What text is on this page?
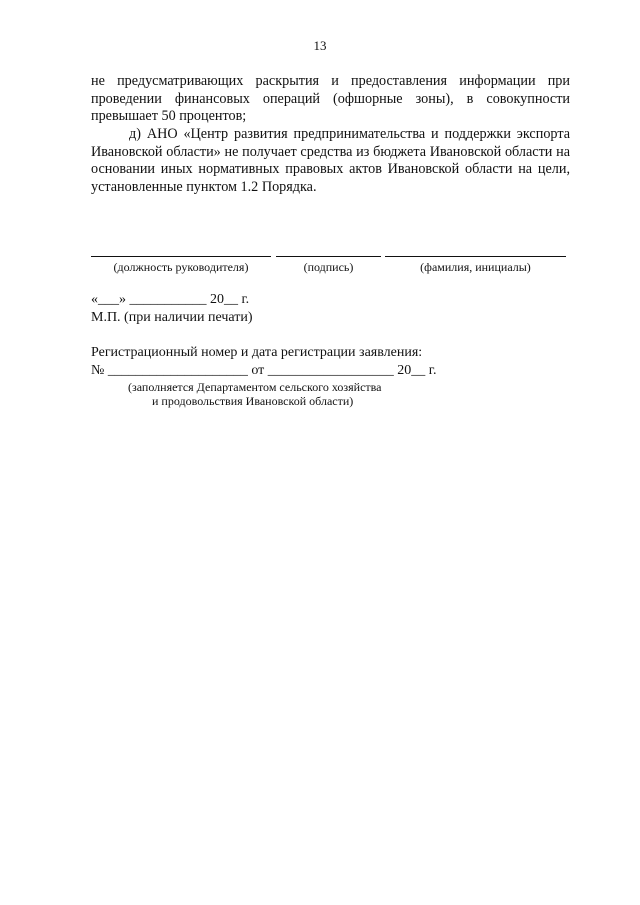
13
не предусматривающих раскрытия и предоставления информации при проведении финансовых операций (офшорные зоны), в совокупности превышает 50 процентов;
д) АНО «Центр развития предпринимательства и поддержки экспорта Ивановской области» не получает средства из бюджета Ивановской области на основании иных нормативных правовых актов Ивановской области на цели, установленные пунктом 1.2 Порядка.
(должность руководителя)	(подпись)	(фамилия, инициалы)
«___» ___________ 20__ г.
М.П. (при наличии печати)
Регистрационный номер и дата регистрации заявления:
№ ____________________ от __________________ 20__ г.
(заполняется Департаментом сельского хозяйства
и продовольствия Ивановской области)
